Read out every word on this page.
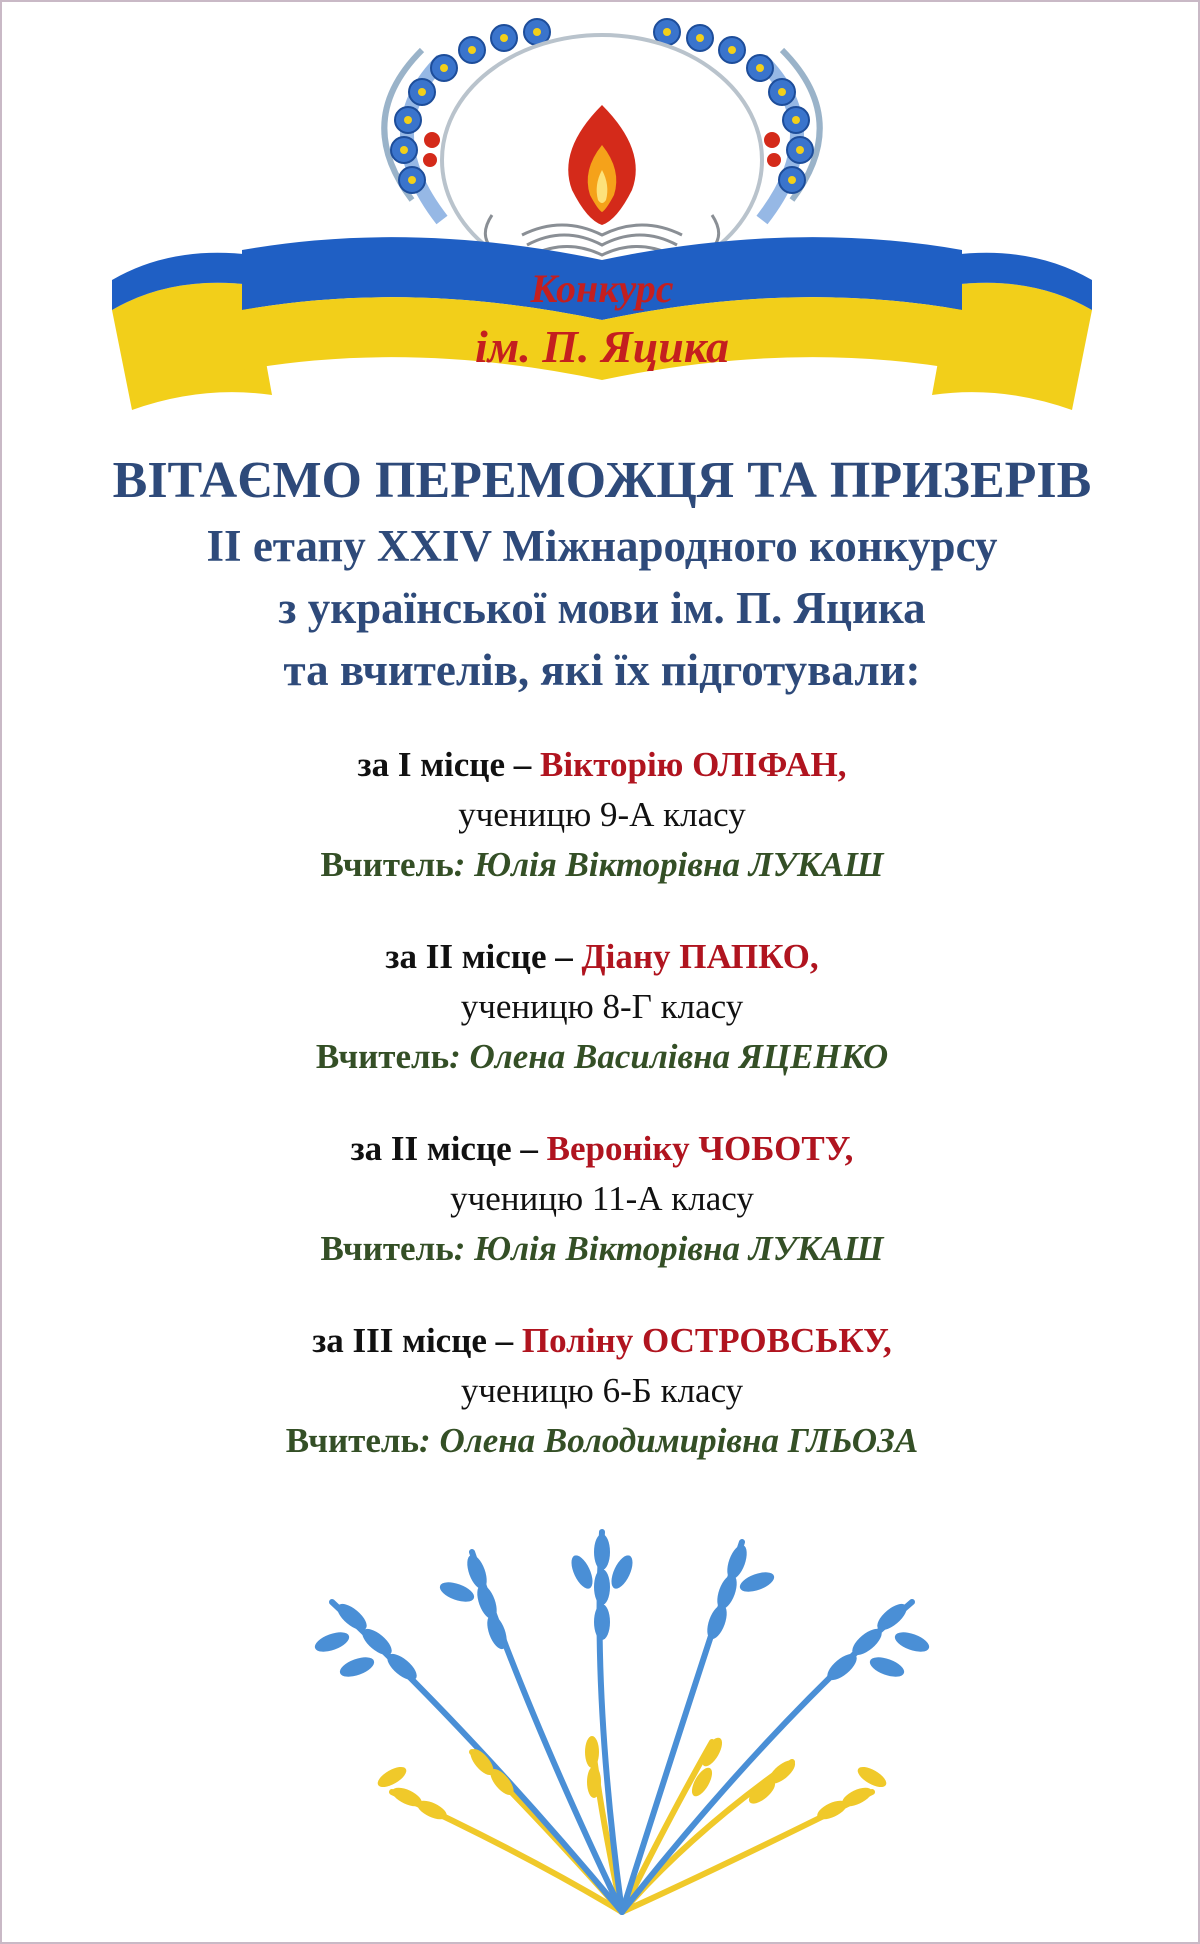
Конкурс
ім. П. Яцика
ВІТАЄМО ПЕРЕМОЖЦЯ ТА ПРИЗЕРІВ
ІІ етапу XXIV Міжнародного конкурсу
з української мови ім. П. Яцика
та вчителів, які їх підготували:
за І місце – Вікторію ОЛІФАН,
ученицю 9-А класу
Вчитель: Юлія Вікторівна ЛУКАШ
за ІІ місце – Діану ПАПКО,
ученицю 8-Г класу
Вчитель: Олена Василівна ЯЦЕНКО
за ІІ місце – Вероніку ЧОБОТУ,
ученицю 11-А класу
Вчитель: Юлія Вікторівна ЛУКАШ
за ІІІ місце – Поліну ОСТРОВСЬКУ,
ученицю 6-Б класу
Вчитель: Олена Володимирівна ГЛЬОЗА
